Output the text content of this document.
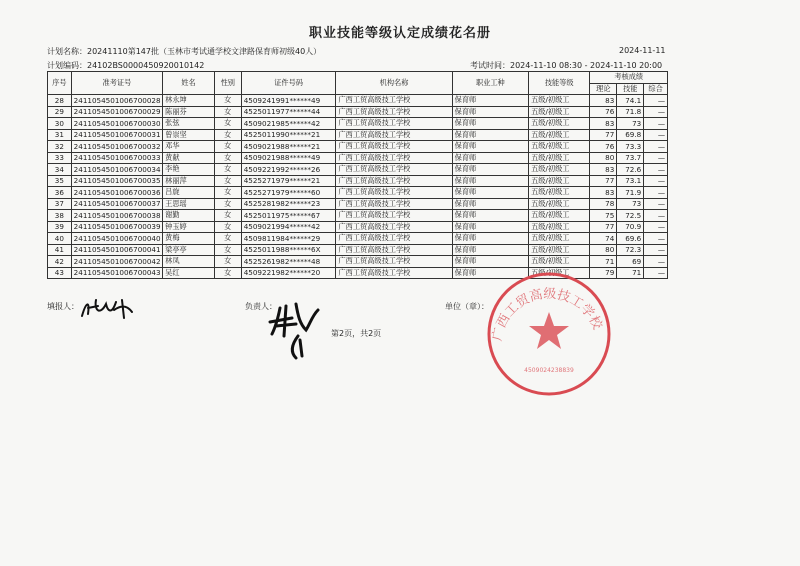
职业技能等级认定成绩花名册
计划名称：20241110第147批（玉林市考试通学校文津路保育师初级40人）	2024-11-11
计划编码：24102BS000045092001014​2	考试时间：2024-11-10 08:30 - 2024-11-10 20:00
序号	准考证号	姓名	性别	证件号码	机构名称	职业工种	技能等级	考核成绩		
								理论	技能	综合
28	2411054501006700028	林永坤	女	4509241991******49	广西工贸高级技工学校	保育师	五级/初级工	83	74.1	—
29	2411054501006700029	陈丽芬	女	4525011977******44	广西工贸高级技工学校	保育师	五级/初级工	76	71.8	—
30	2411054501006700030	张弦	女	4509021985******42	广西工贸高级技工学校	保育师	五级/初级工	83	73	—
31	2411054501006700031	曾崇坚	女	4525011990******21	广西工贸高级技工学校	保育师	五级/初级工	77	69.8	—
32	2411054501006700032	邓华	女	4509021988******21	广西工贸高级技工学校	保育师	五级/初级工	76	73.3	—
33	2411054501006700033	黄献	女	4509021988******49	广西工贸高级技工学校	保育师	五级/初级工	80	73.7	—
34	2411054501006700034	李艳	女	4509221992******26	广西工贸高级技工学校	保育师	五级/初级工	83	72.6	—
35	2411054501006700035	林丽萍	女	4525271979******21	广西工贸高级技工学校	保育师	五级/初级工	77	73.1	—
36	2411054501006700036	吕旋	女	4525271979******60	广西工贸高级技工学校	保育师	五级/初级工	83	71.9	—
37	2411054501006700037	王思瑶	女	4525281982******23	广西工贸高级技工学校	保育师	五级/初级工	78	73	—
38	2411054501006700038	谢勤	女	4525011975******67	广西工贸高级技工学校	保育师	五级/初级工	75	72.5	—
39	2411054501006700039	钟玉婷	女	4509021994******42	广西工贸高级技工学校	保育师	五级/初级工	77	70.9	—
40	2411054501006700040	黄梅	女	4509811984******29	广西工贸高级技工学校	保育师	五级/初级工	74	69.6	—
41	2411054501006700041	梁亭亭	女	4525011988******6X	广西工贸高级技工学校	保育师	五级/初级工	80	72.3	—
42	2411054501006700042	林凤	女	4525261982******48	广西工贸高级技工学校	保育师	五级/初级工	71	69	—
43	2411054501006700043	吴红	女	4509221982******20	广西工贸高级技工学校	保育师	五级/初级工	79	71	—
填报人：	负责人：	单位（章）：
第2页，共2页	广西工贸高级技工学校
4509024238839
